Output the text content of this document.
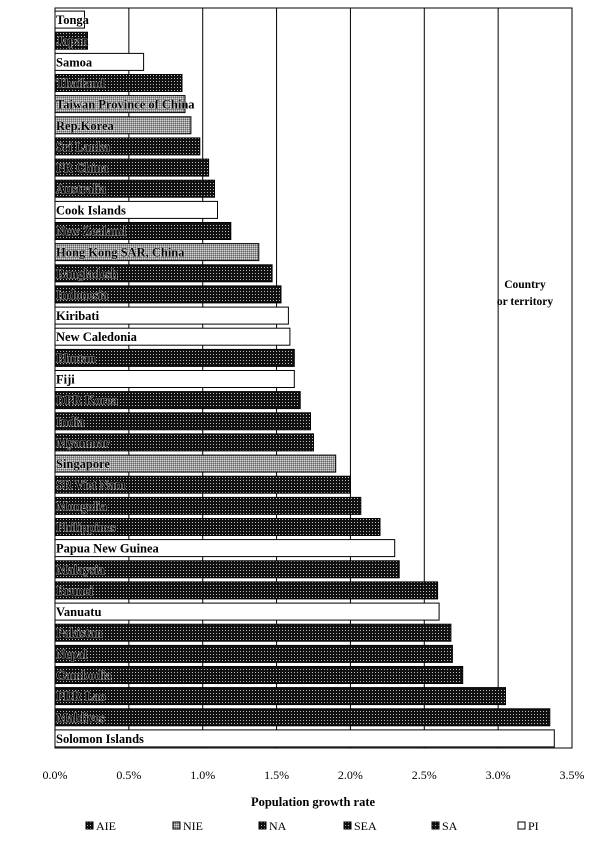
Tonga
Japan
Samoa
Thailand
Taiwan Province of China
Rep.Korea
Sri Lanka
PR China
Australia
Cook Islands
New Zealand
Hong Kong SAR, China
Bangladesh
Indonesia
Kiribati
New Caledonia
Bhutan
Fiji
DPR Korea
India
Myanmar
Singapore
SR Viet Nam
Mongolia
Philippines
Papua New Guinea
Malaysia
Brunei
Vanuatu
Pakistan
Nepal
Cambodia
PDR Lao
Maldives
Solomon Islands
Country
or territory
0.0%	0.5%	1.0%	1.5%	2.0%	2.5%	3.0%	3.5%
Population growth rate
AIE	NIE	NA	SEA	SA	PI
